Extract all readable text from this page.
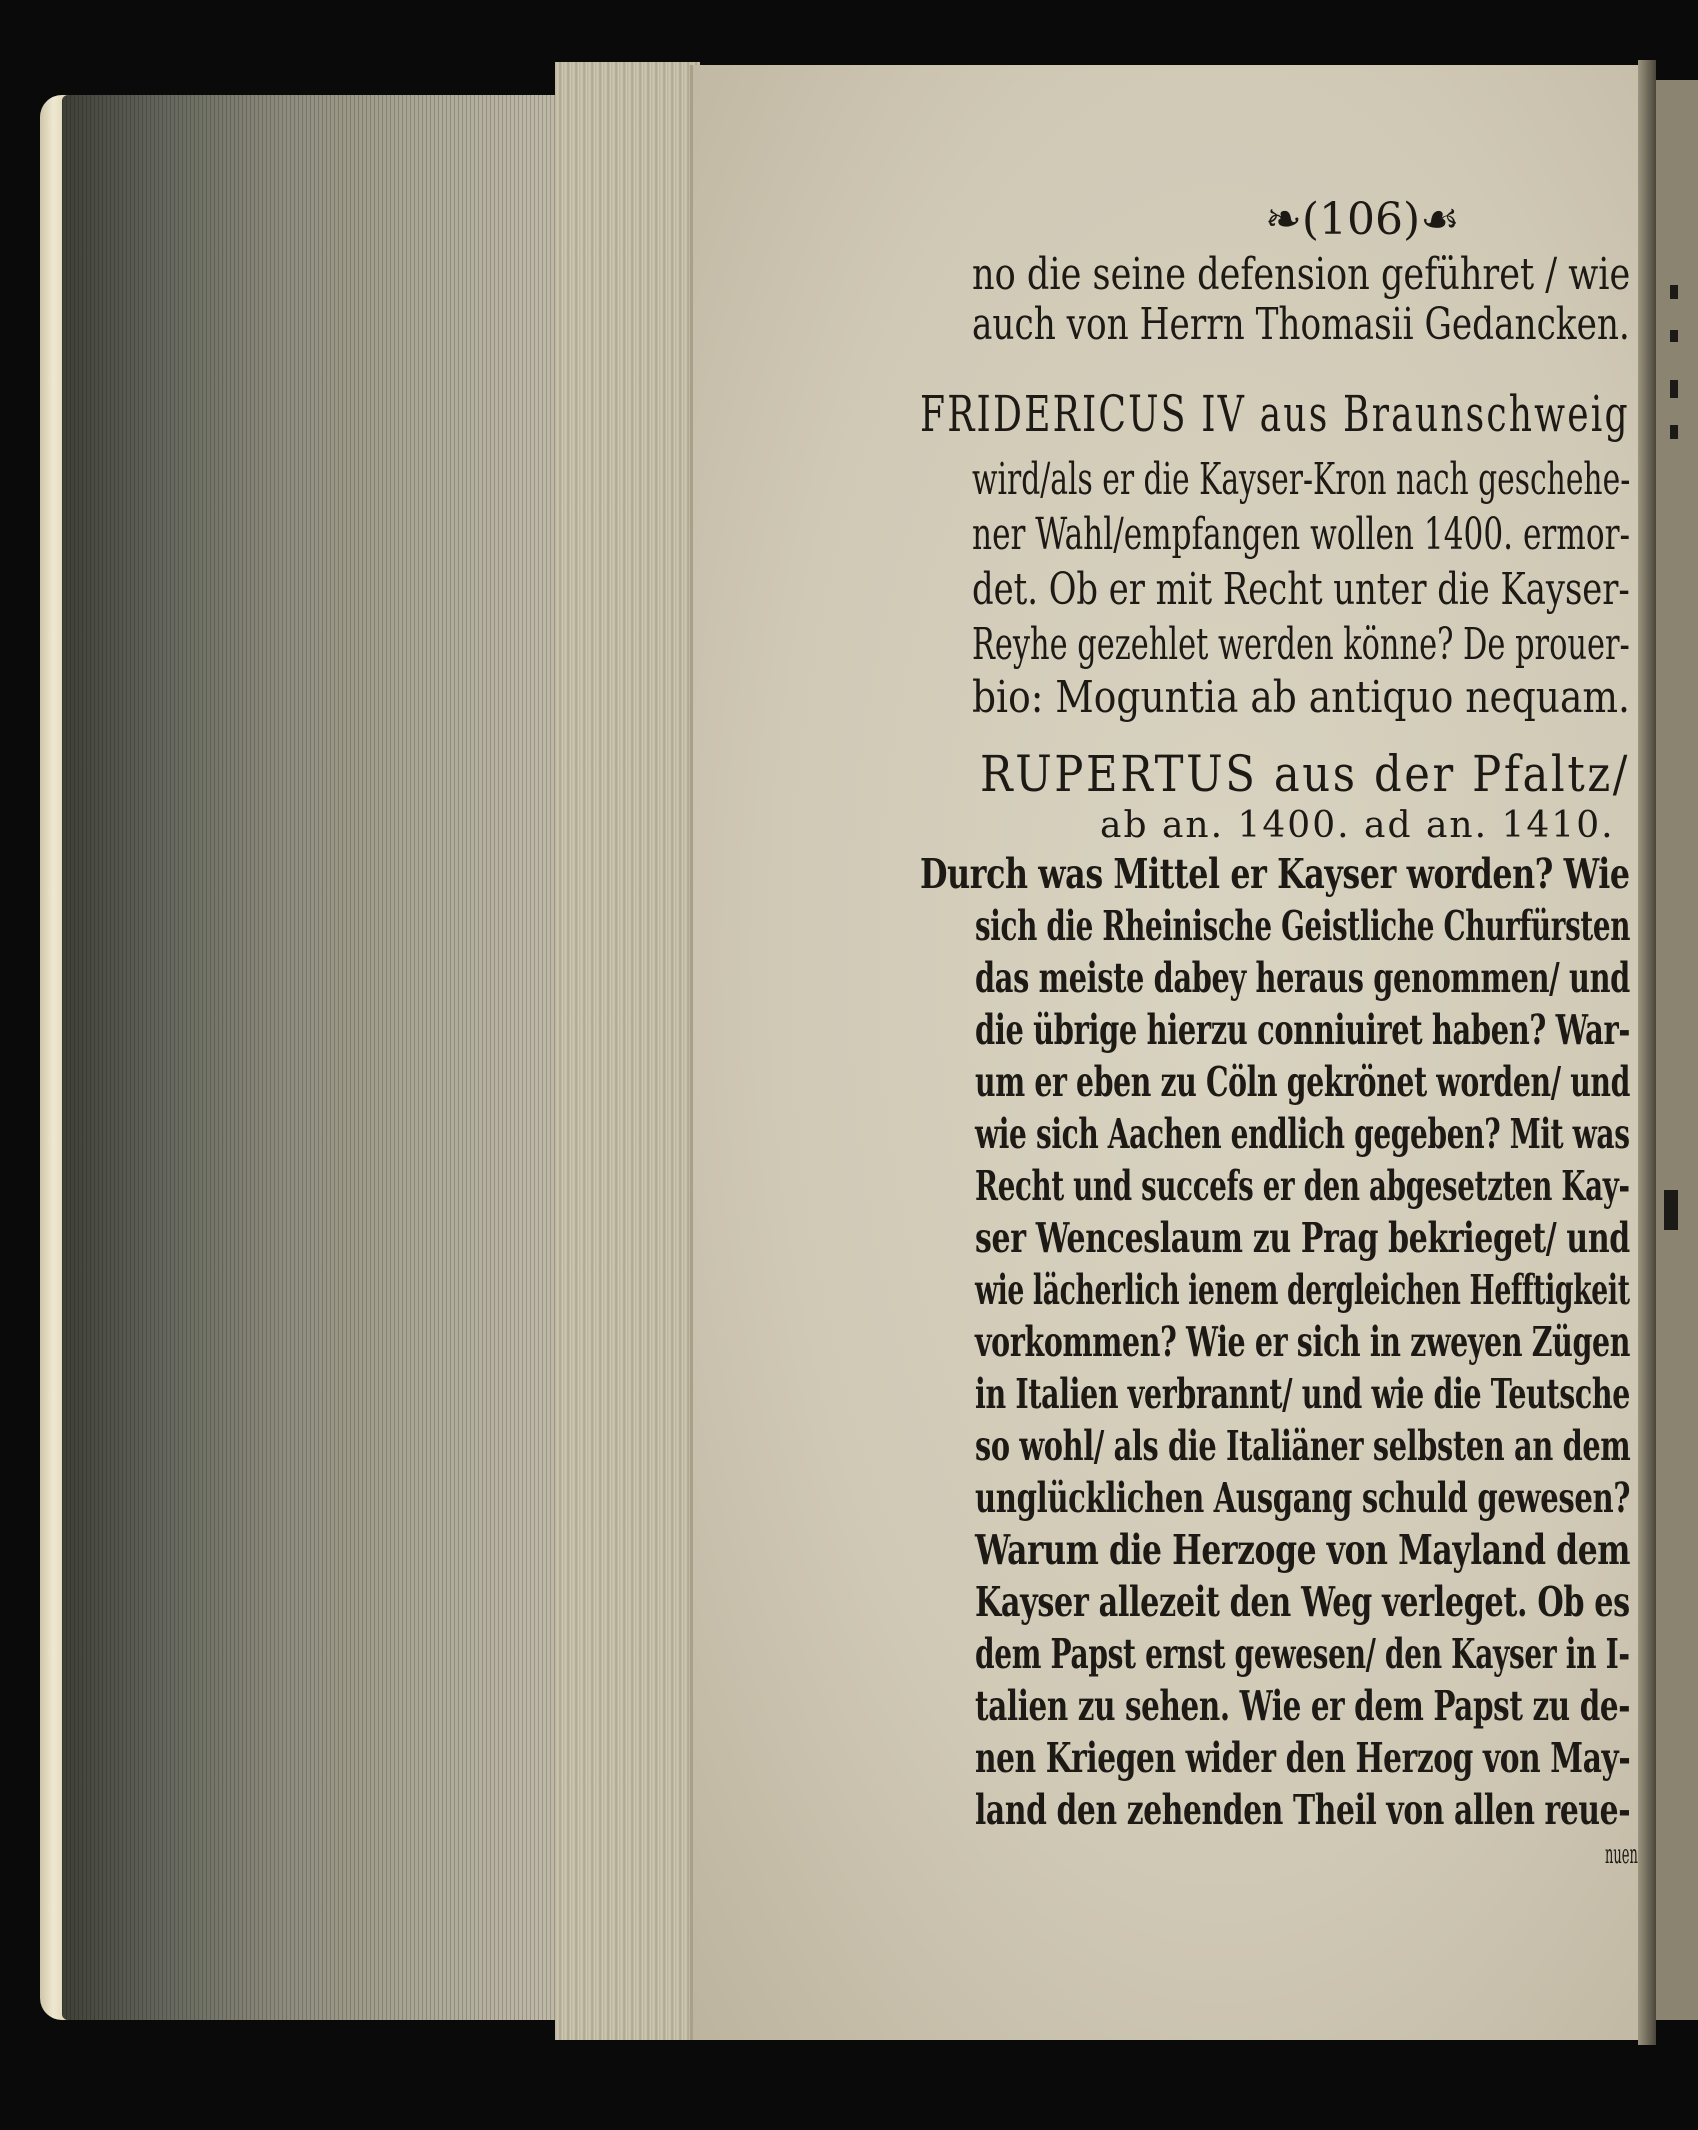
❧(106)☙
no die seine defension geführet / wie
auch von Herrn Thomasii Gedancken.
FRIDERICUS IV aus Braunschweig
wird/als er die Kayser-Kron nach geschehe-
ner Wahl/empfangen wollen 1400. ermor-
det. Ob er mit Recht unter die Kayser-
Reyhe gezehlet werden könne? De prouer-
bio: Moguntia ab antiquo nequam.
RUPERTUS aus der Pfaltz/
ab an. 1400. ad an. 1410.
Durch was Mittel er Kayser worden? Wie
sich die Rheinische Geistliche Churfürsten
das meiste dabey heraus genommen/ und
die übrige hierzu conniuiret haben? War-
um er eben zu Cöln gekrönet worden/ und
wie sich Aachen endlich gegeben? Mit was
Recht und succefs er den abgesetzten Kay-
ser Wenceslaum zu Prag bekrieget/ und
wie lächerlich ienem dergleichen Hefftigkeit
vorkommen? Wie er sich in zweyen Zügen
in Italien verbrannt/ und wie die Teutsche
so wohl/ als die Italiäner selbsten an dem
unglücklichen Ausgang schuld gewesen?
Warum die Herzoge von Mayland dem
Kayser allezeit den Weg verleget. Ob es
dem Papst ernst gewesen/ den Kayser in I-
talien zu sehen. Wie er dem Papst zu de-
nen Kriegen wider den Herzog von May-
land den zehenden Theil von allen reue-
nuen
